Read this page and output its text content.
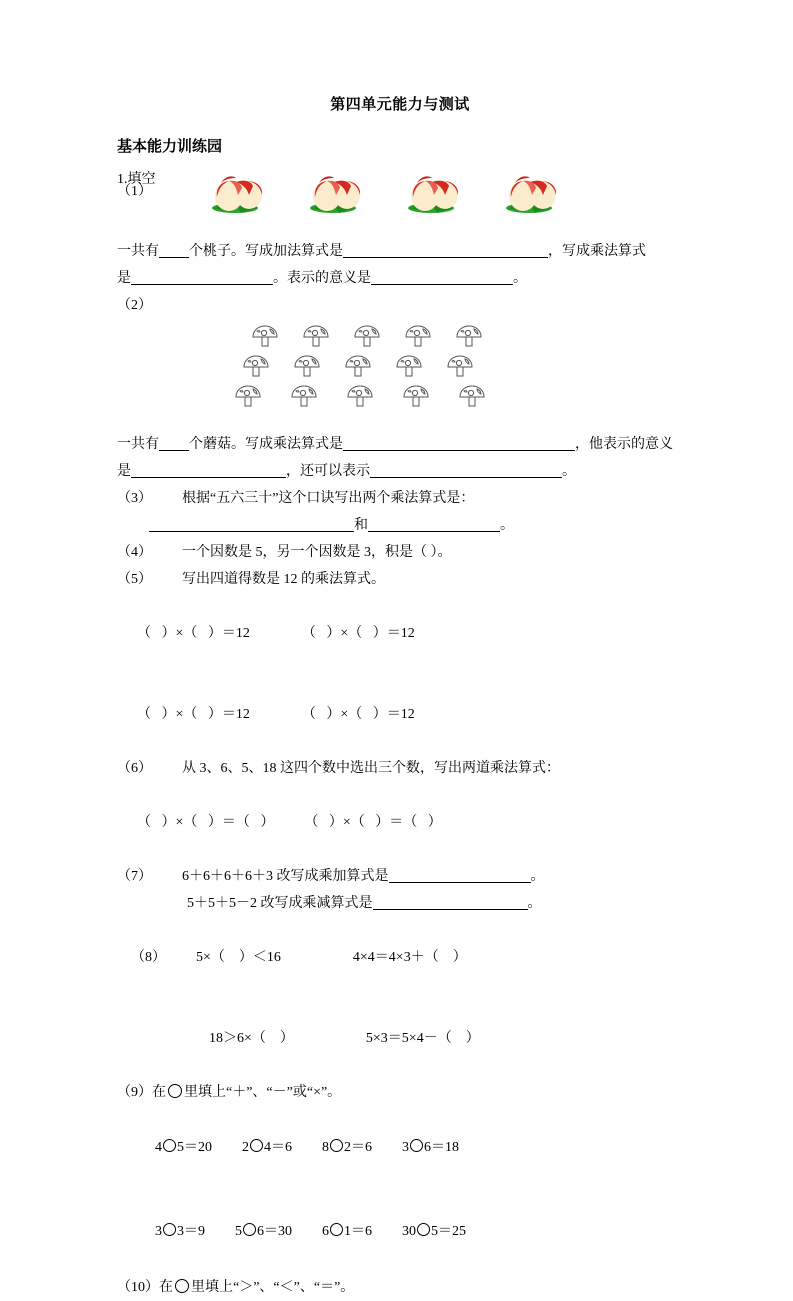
第四单元能力与测试
基本能力训练园
1.填空
（1）
一共有 个桃子。写成加法算式是	，写成乘法算式
是	。表示的意义是	。
（2）
一共有 个蘑菇。写成乘法算式是	，他表示的意义
是	，还可以表示	。
（3） 根据“五六三十”这个口诀写出两个乘法算式是：
和	。
（4） 一个因数是 5，另一个因数是 3，积是（ ）。
（5） 写出四道得数是 12 的乘法算式。

（   ）×（   ）＝12	（   ）×（   ）＝12

（   ）×（   ）＝12	（   ）×（   ）＝12

（6） 从 3、6、5、18 这四个数中选出三个数，写出两道乘法算式：

（   ）×（   ）＝（   ） （   ）×（   ）＝（   ）

（7） 6＋6＋6＋6＋3 改写成乘加算式是	。
5＋5＋5－2 改写成乘减算式是	。

（8） 5×（    ）＜16	4×4＝4×3＋（    ）

18＞6×（    ）	5×3＝5×4－（    ）

（9）在 里填上“＋”、“－”或“×”。

4 5＝20 2 4＝6 8 2＝6 3 6＝18

3 3＝9 5 6＝30 6 1＝6 30 5＝25

（10）在 里填上“＞”、“＜”、“＝”。
